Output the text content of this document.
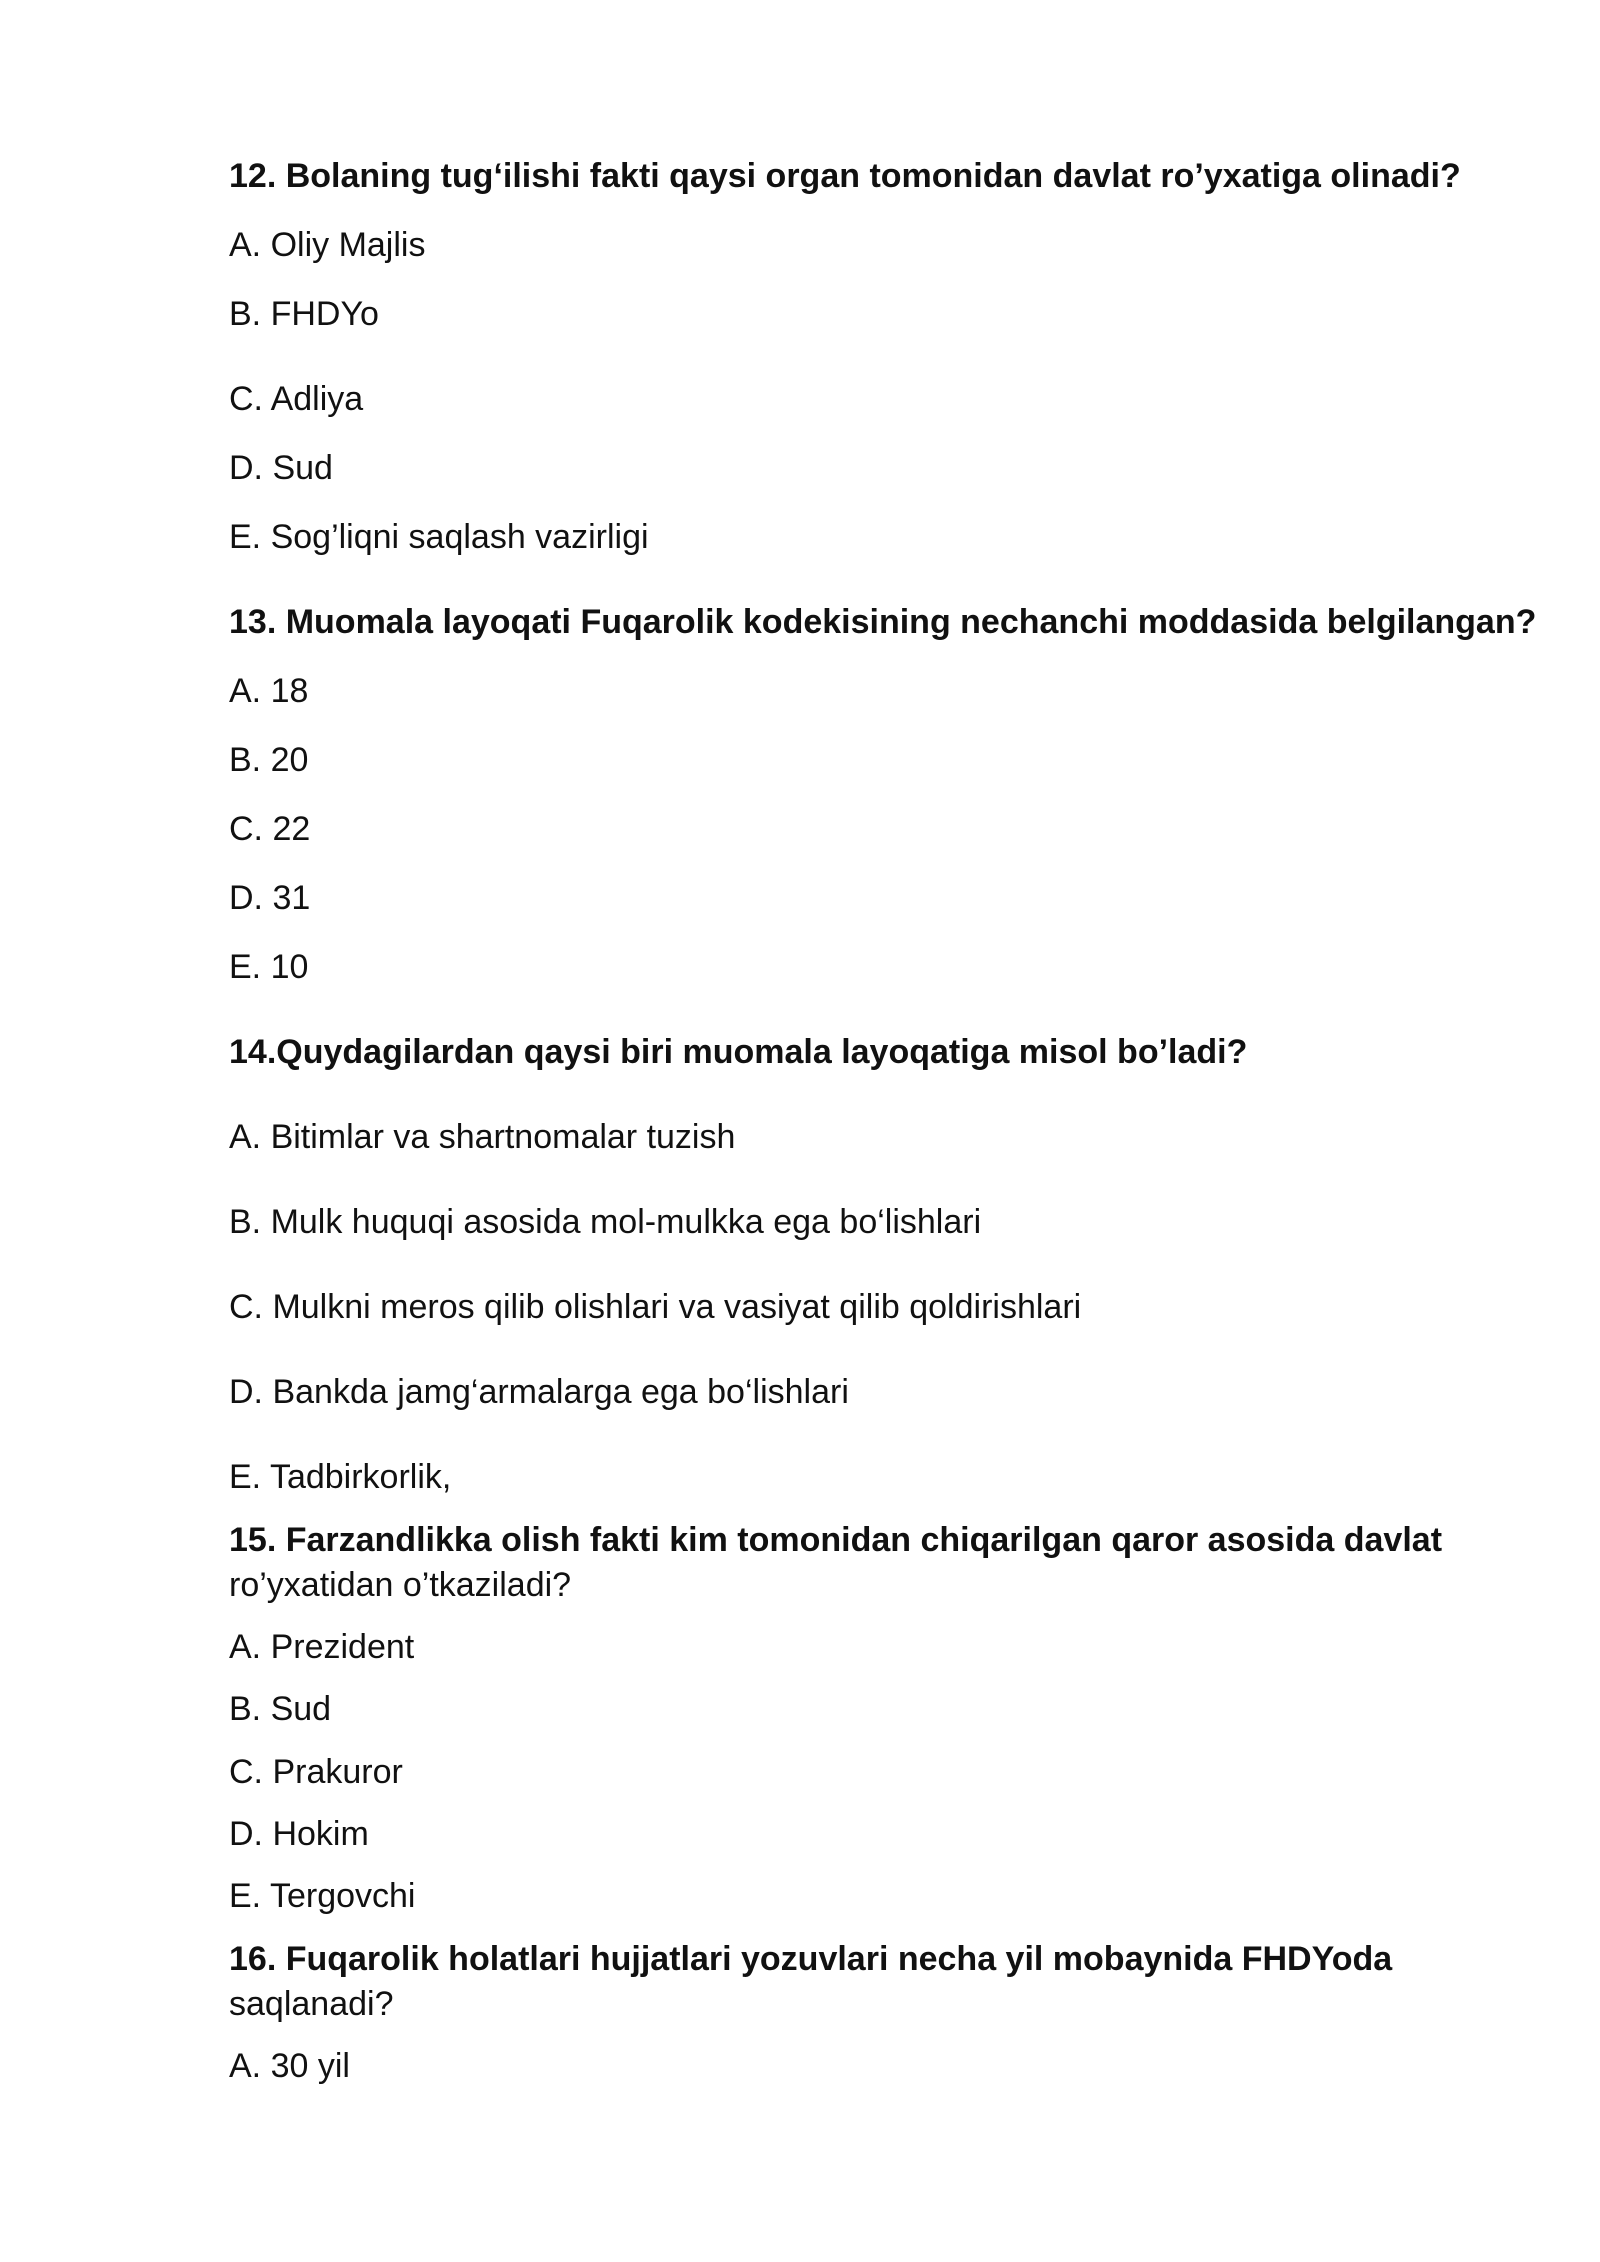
12. Bolaning tug‘ilishi fakti qaysi organ tomonidan davlat ro’yxatiga olinadi?
A. Oliy Majlis
B. FHDYo
C. Adliya
D. Sud
E. Sog’liqni saqlash vazirligi
13. Muomala layoqati Fuqarolik kodekisining nechanchi moddasida belgilangan?
A. 18
B. 20
C. 22
D. 31
E. 10
14.Quydagilardan qaysi biri muomala layoqatiga misol bo’ladi?
A. Bitimlar va shartnomalar tuzish
B. Mulk huquqi asosida mol-mulkka ega bo‘lishlari
C. Mulkni meros qilib olishlari va vasiyat qilib qoldirishlari
D. Bankda jamg‘armalarga ega bo‘lishlari
E. Tadbirkorlik,
15. Farzandlikka olish fakti kim tomonidan chiqarilgan qaror asosida davlat
ro’yxatidan o’tkaziladi?
A. Prezident
B. Sud
C. Prakuror
D. Hokim
E. Tergovchi
16. Fuqarolik holatlari hujjatlari yozuvlari necha yil mobaynida FHDYoda
saqlanadi?
A. 30 yil
